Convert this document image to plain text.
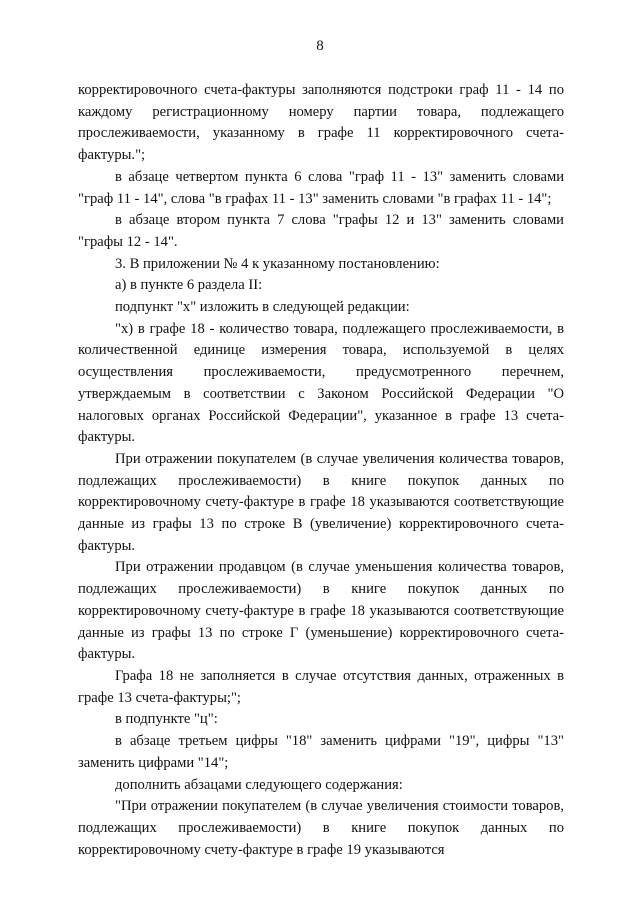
8

корректировочного счета-фактуры заполняются подстроки граф 11 - 14 по каждому регистрационному номеру партии товара, подлежащего прослеживаемости, указанному в графе 11 корректировочного счета-фактуры.";

в абзаце четвертом пункта 6 слова "граф 11 - 13" заменить словами "граф 11 - 14", слова "в графах 11 - 13" заменить словами "в графах 11 - 14";

в абзаце втором пункта 7 слова "графы 12 и 13" заменить словами "графы 12 - 14".

3. В приложении № 4 к указанному постановлению:

а) в пункте 6 раздела II:

подпункт "х" изложить в следующей редакции:

"х) в графе 18 - количество товара, подлежащего прослеживаемости, в количественной единице измерения товара, используемой в целях осуществления прослеживаемости, предусмотренного перечнем, утверждаемым в соответствии с Законом Российской Федерации "О налоговых органах Российской Федерации", указанное в графе 13 счета-фактуры.

При отражении покупателем (в случае увеличения количества товаров, подлежащих прослеживаемости) в книге покупок данных по корректировочному счету-фактуре в графе 18 указываются соответствующие данные из графы 13 по строке В (увеличение) корректировочного счета-фактуры.

При отражении продавцом (в случае уменьшения количества товаров, подлежащих прослеживаемости) в книге покупок данных по корректировочному счету-фактуре в графе 18 указываются соответствующие данные из графы 13 по строке Г (уменьшение) корректировочного счета-фактуры.

Графа 18 не заполняется в случае отсутствия данных, отраженных в графе 13 счета-фактуры;";

в подпункте "ц":

в абзаце третьем цифры "18" заменить цифрами "19", цифры "13" заменить цифрами "14";

дополнить абзацами следующего содержания:

"При отражении покупателем (в случае увеличения стоимости товаров, подлежащих прослеживаемости) в книге покупок данных по корректировочному счету-фактуре в графе 19 указываются
